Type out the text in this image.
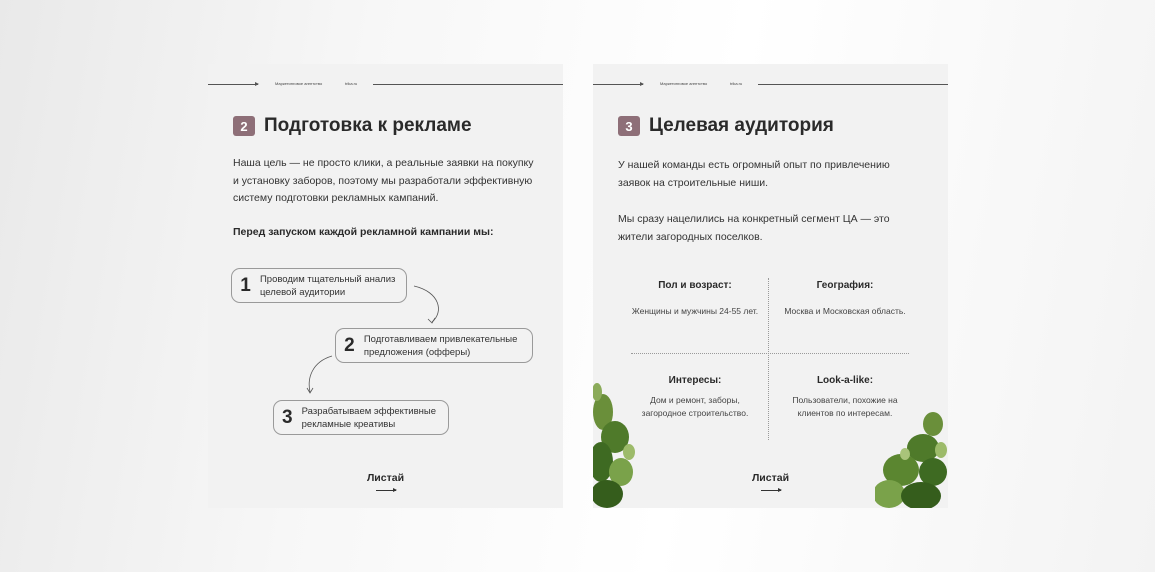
Маркетинговое агентство	trika.ru
2 Подготовка к рекламе

Наша цель — не просто клики, а реальные заявки на покупку и установку заборов, поэтому мы разработали эффективную систему подготовки рекламных кампаний.

Перед запуском каждой рекламной кампании мы:
1 Проводим тщательный анализ целевой аудитории
2 Подготавливаем привлекательные предложения (офферы)
3 Разрабатываем эффективные рекламные креативы
Листай
Маркетинговое агентство	trika.ru
3 Целевая аудитория

У нашей команды есть огромный опыт по привлечению заявок на строительные ниши.

Мы сразу нацелились на конкретный сегмент ЦА — это жители загородных поселков.

Пол и возраст:
Женщины и мужчины 24-55 лет.
География:
Москва и Московская область.
Интересы:
Дом и ремонт, заборы, загородное строительство.
Look-a-like:
Пользователи, похожие на клиентов по интересам.
Листай
